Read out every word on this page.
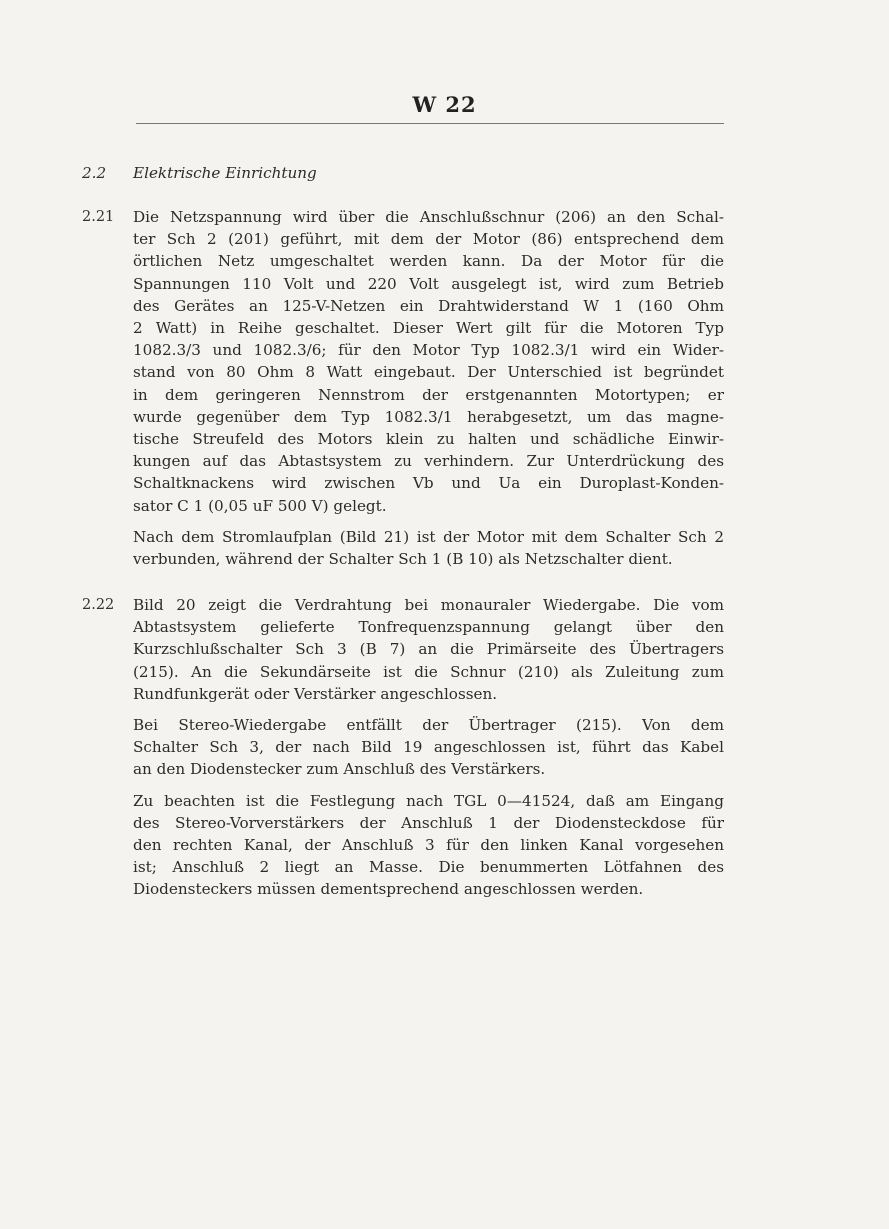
W 22
2.2 Elektrische Einrichtung
2.21 Die Netzspannung wird über die Anschlußschnur (206) an den Schal-
ter Sch 2 (201) geführt, mit dem der Motor (86) entsprechend dem
örtlichen Netz umgeschaltet werden kann. Da der Motor für die
Spannungen 110 Volt und 220 Volt ausgelegt ist, wird zum Betrieb
des Gerätes an 125-V-Netzen ein Drahtwiderstand W 1 (160 Ohm
2 Watt) in Reihe geschaltet. Dieser Wert gilt für die Motoren Typ
1082.3/3 und 1082.3/6; für den Motor Typ 1082.3/1 wird ein Wider-
stand von 80 Ohm 8 Watt eingebaut. Der Unterschied ist begründet
in dem geringeren Nennstrom der erstgenannten Motortypen; er
wurde gegenüber dem Typ 1082.3/1 herabgesetzt, um das magne-
tische Streufeld des Motors klein zu halten und schädliche Einwir-
kungen auf das Abtastsystem zu verhindern. Zur Unterdrückung des
Schaltknackens wird zwischen Vb und Ua ein Duroplast-Konden-
sator C 1 (0,05 uF 500 V) gelegt.

Nach dem Stromlaufplan (Bild 21) ist der Motor mit dem Schalter Sch 2
verbunden, während der Schalter Sch 1 (B 10) als Netzschalter dient.

2.22 Bild 20 zeigt die Verdrahtung bei monauraler Wiedergabe. Die vom
Abtastsystem gelieferte Tonfrequenzspannung gelangt über den
Kurzschlußschalter Sch 3 (B 7) an die Primärseite des Übertragers
(215). An die Sekundärseite ist die Schnur (210) als Zuleitung zum
Rundfunkgerät oder Verstärker angeschlossen.

Bei Stereo-Wiedergabe entfällt der Übertrager (215). Von dem
Schalter Sch 3, der nach Bild 19 angeschlossen ist, führt das Kabel
an den Diodenstecker zum Anschluß des Verstärkers.

Zu beachten ist die Festlegung nach TGL 0—41524, daß am Eingang
des Stereo-Vorverstärkers der Anschluß 1 der Diodensteckdose für
den rechten Kanal, der Anschluß 3 für den linken Kanal vorgesehen
ist; Anschluß 2 liegt an Masse. Die benummerten Lötfahnen des
Diodensteckers müssen dementsprechend angeschlossen werden.
